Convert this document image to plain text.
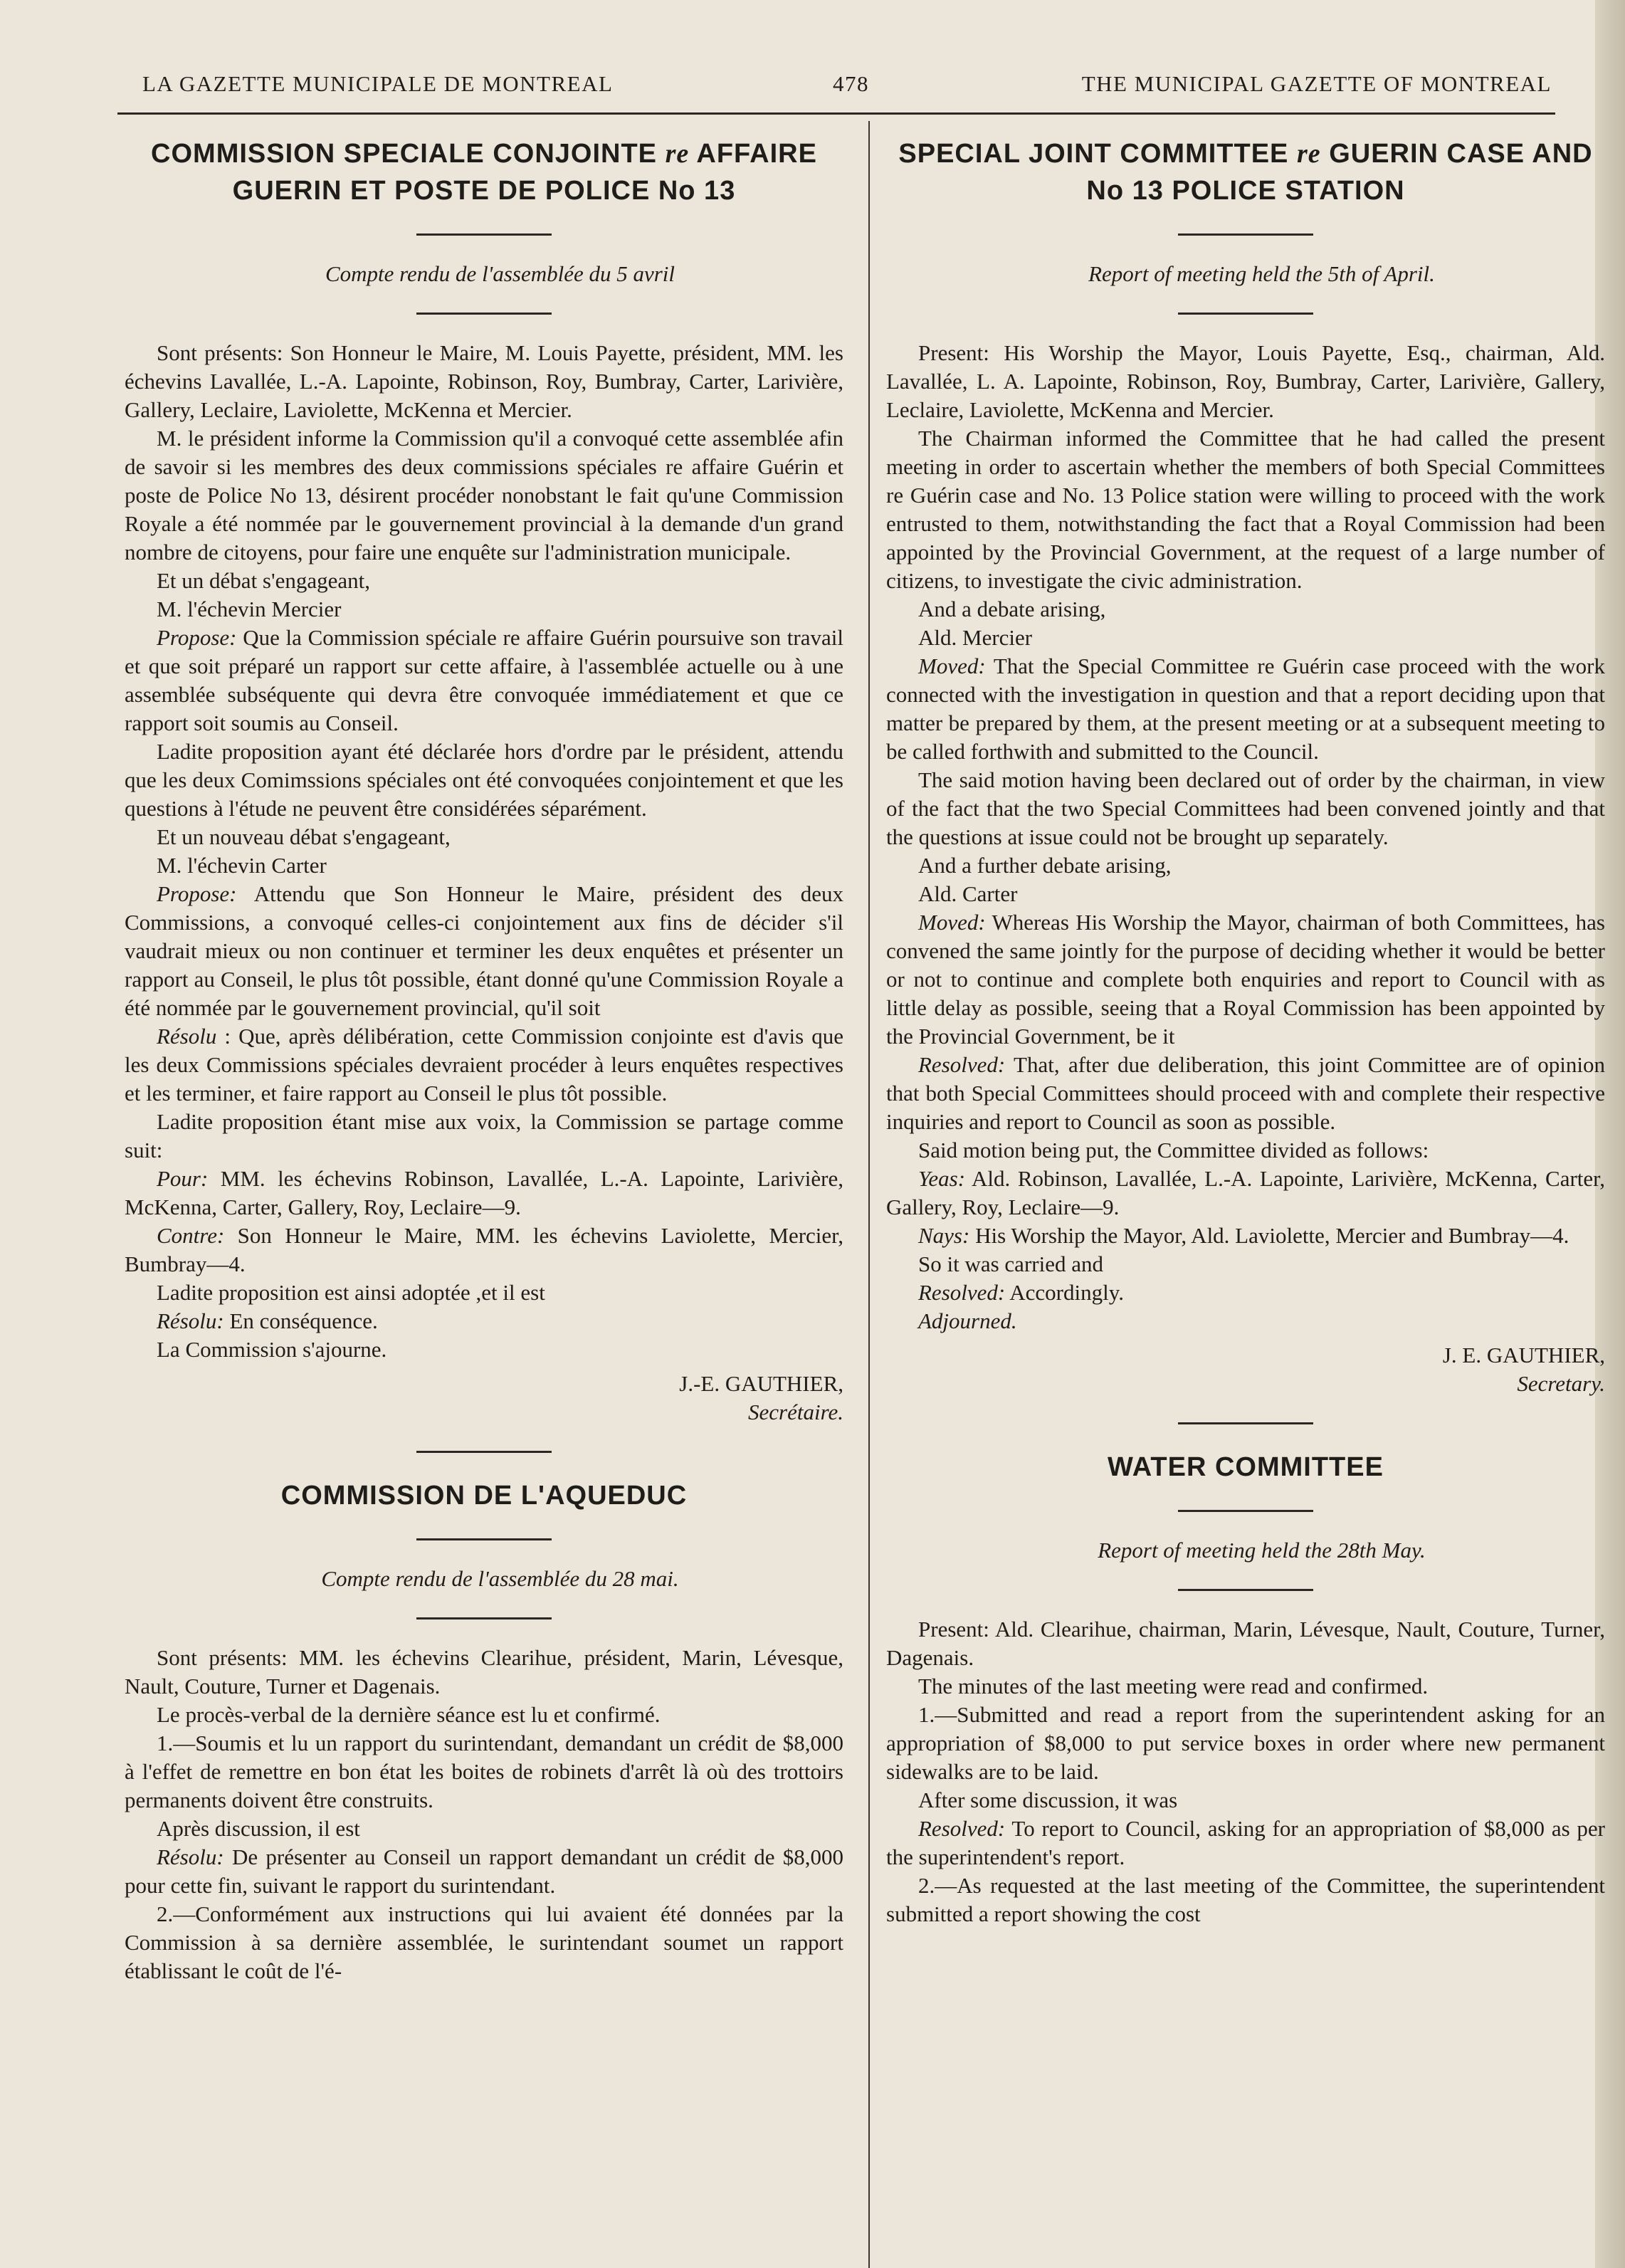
LA GAZETTE MUNICIPALE DE MONTREAL	478	THE MUNICIPAL GAZETTE OF MONTREAL
COMMISSION SPECIALE CONJOINTE re AFFAIRE
GUERIN ET POSTE DE POLICE No 13

Compte rendu de l'assemblée du 5 avril

Sont présents: Son Honneur le Maire, M. Louis Payette, président, MM. les échevins Lavallée, L.-A. Lapointe, Robinson, Roy, Bumbray, Carter, Larivière, Gallery, Leclaire, Laviolette, McKenna et Mercier.

M. le président informe la Commission qu'il a convoqué cette assemblée afin de savoir si les membres des deux commissions spéciales re affaire Guérin et poste de Police No 13, désirent procéder nonobstant le fait qu'une Commission Royale a été nommée par le gouvernement provincial à la demande d'un grand nombre de citoyens, pour faire une enquête sur l'administration municipale.

Et un débat s'engageant,

M. l'échevin Mercier

Propose: Que la Commission spéciale re affaire Guérin poursuive son travail et que soit préparé un rapport sur cette affaire, à l'assemblée actuelle ou à une assemblée subséquente qui devra être convoquée immédiatement et que ce rapport soit soumis au Conseil.

Ladite proposition ayant été déclarée hors d'ordre par le président, attendu que les deux Comimssions spéciales ont été convoquées conjointement et que les questions à l'étude ne peuvent être considérées séparément.

Et un nouveau débat s'engageant,

M. l'échevin Carter

Propose: Attendu que Son Honneur le Maire, président des deux Commissions, a convoqué celles-ci conjointement aux fins de décider s'il vaudrait mieux ou non continuer et terminer les deux enquêtes et présenter un rapport au Conseil, le plus tôt possible, étant donné qu'une Commission Royale a été nommée par le gouvernement provincial, qu'il soit

Résolu : Que, après délibération, cette Commission conjointe est d'avis que les deux Commissions spéciales devraient procéder à leurs enquêtes respectives et les terminer, et faire rapport au Conseil le plus tôt possible.

Ladite proposition étant mise aux voix, la Commission se partage comme suit:

Pour: MM. les échevins Robinson, Lavallée, L.-A. Lapointe, Larivière, McKenna, Carter, Gallery, Roy, Leclaire—9.

Contre: Son Honneur le Maire, MM. les échevins Laviolette, Mercier, Bumbray—4.

Ladite proposition est ainsi adoptée ,et il est

Résolu: En conséquence.

La Commission s'ajourne.

J.-E. GAUTHIER,
Secrétaire.
COMMISSION DE L'AQUEDUC

Compte rendu de l'assemblée du 28 mai.

Sont présents: MM. les échevins Clearihue, président, Marin, Lévesque, Nault, Couture, Turner et Dagenais.

Le procès-verbal de la dernière séance est lu et confirmé.

1.—Soumis et lu un rapport du surintendant, demandant un crédit de $8,000 à l'effet de remettre en bon état les boites de robinets d'arrêt là où des trottoirs permanents doivent être construits.

Après discussion, il est

Résolu: De présenter au Conseil un rapport demandant un crédit de $8,000 pour cette fin, suivant le rapport du surintendant.

2.—Conformément aux instructions qui lui avaient été données par la Commission à sa dernière assemblée, le surintendant soumet un rapport établissant le coût de l'é-

SPECIAL JOINT COMMITTEE re GUERIN CASE AND
No 13 POLICE STATION

Report of meeting held the 5th of April.

Present: His Worship the Mayor, Louis Payette, Esq., chairman, Ald. Lavallée, L. A. Lapointe, Robinson, Roy, Bumbray, Carter, Larivière, Gallery, Leclaire, Laviolette, McKenna and Mercier.

The Chairman informed the Committee that he had called the present meeting in order to ascertain whether the members of both Special Committees re Guérin case and No. 13 Police station were willing to proceed with the work entrusted to them, notwithstanding the fact that a Royal Commission had been appointed by the Provincial Government, at the request of a large number of citizens, to investigate the civic administration.

And a debate arising,

Ald. Mercier

Moved: That the Special Committee re Guérin case proceed with the work connected with the investigation in question and that a report deciding upon that matter be prepared by them, at the present meeting or at a subsequent meeting to be called forthwith and submitted to the Council.

The said motion having been declared out of order by the chairman, in view of the fact that the two Special Committees had been convened jointly and that the questions at issue could not be brought up separately.

And a further debate arising,

Ald. Carter

Moved: Whereas His Worship the Mayor, chairman of both Committees, has convened the same jointly for the purpose of deciding whether it would be better or not to continue and complete both enquiries and report to Council with as little delay as possible, seeing that a Royal Commission has been appointed by the Provincial Government, be it

Resolved: That, after due deliberation, this joint Committee are of opinion that both Special Committees should proceed with and complete their respective inquiries and report to Council as soon as possible.

Said motion being put, the Committee divided as follows:

Yeas: Ald. Robinson, Lavallée, L.-A. Lapointe, Larivière, McKenna, Carter, Gallery, Roy, Leclaire—9.

Nays: His Worship the Mayor, Ald. Laviolette, Mercier and Bumbray—4.

So it was carried and

Resolved: Accordingly.

Adjourned.

J. E. GAUTHIER,
Secretary.
WATER COMMITTEE

Report of meeting held the 28th May.

Present: Ald. Clearihue, chairman, Marin, Lévesque, Nault, Couture, Turner, Dagenais.

The minutes of the last meeting were read and confirmed.

1.—Submitted and read a report from the superintendent asking for an appropriation of $8,000 to put service boxes in order where new permanent sidewalks are to be laid.

After some discussion, it was

Resolved: To report to Council, asking for an appropriation of $8,000 as per the superintendent's report.

2.—As requested at the last meeting of the Committee, the superintendent submitted a report showing the cost
